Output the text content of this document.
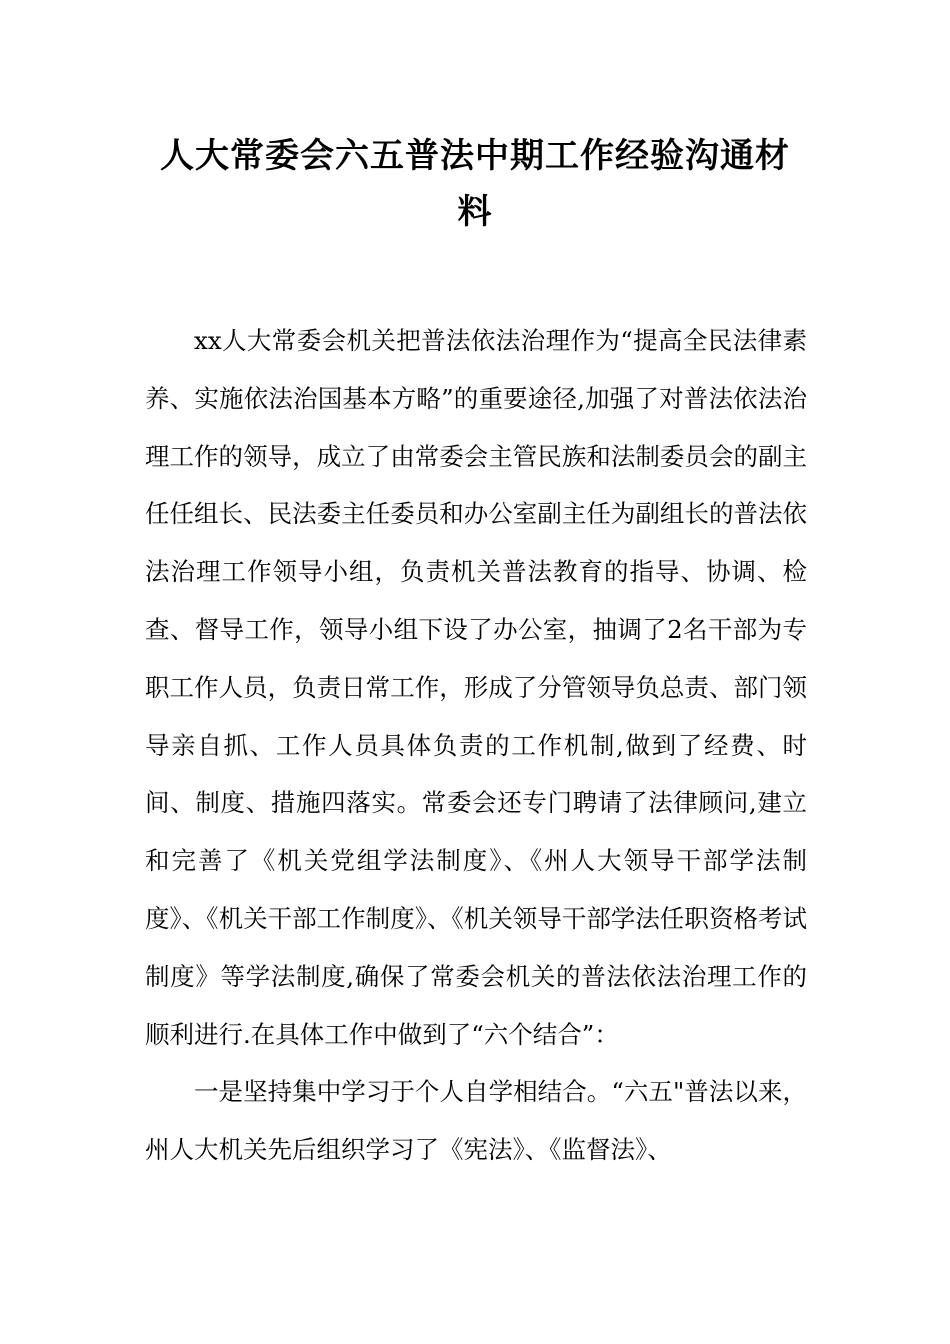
人大常委会六五普法中期工作经验沟通材料

xx人大常委会机关把普法依法治理作为“提高全民法律素养、实施依法治国基本方略”的重要途径,加强了对普法依法治理工作的领导，成立了由常委会主管民族和法制委员会的副主任任组长、民法委主任委员和办公室副主任为副组长的普法依法治理工作领导小组，负责机关普法教育的指导、协调、检查、督导工作，领导小组下设了办公室，抽调了2名干部为专职工作人员，负责日常工作，形成了分管领导负总责、部门领导亲自抓、工作人员具体负责的工作机制,做到了经费、时间、制度、措施四落实。常委会还专门聘请了法律顾问,建立和完善了《机关党组学法制度》、《州人大领导干部学法制度》、《机关干部工作制度》、《机关领导干部学法任职资格考试制度》等学法制度,确保了常委会机关的普法依法治理工作的顺利进行.在具体工作中做到了“六个结合”：

一是坚持集中学习于个人自学相结合。“六五"普法以来，州人大机关先后组织学习了《宪法》、《监督法》、
